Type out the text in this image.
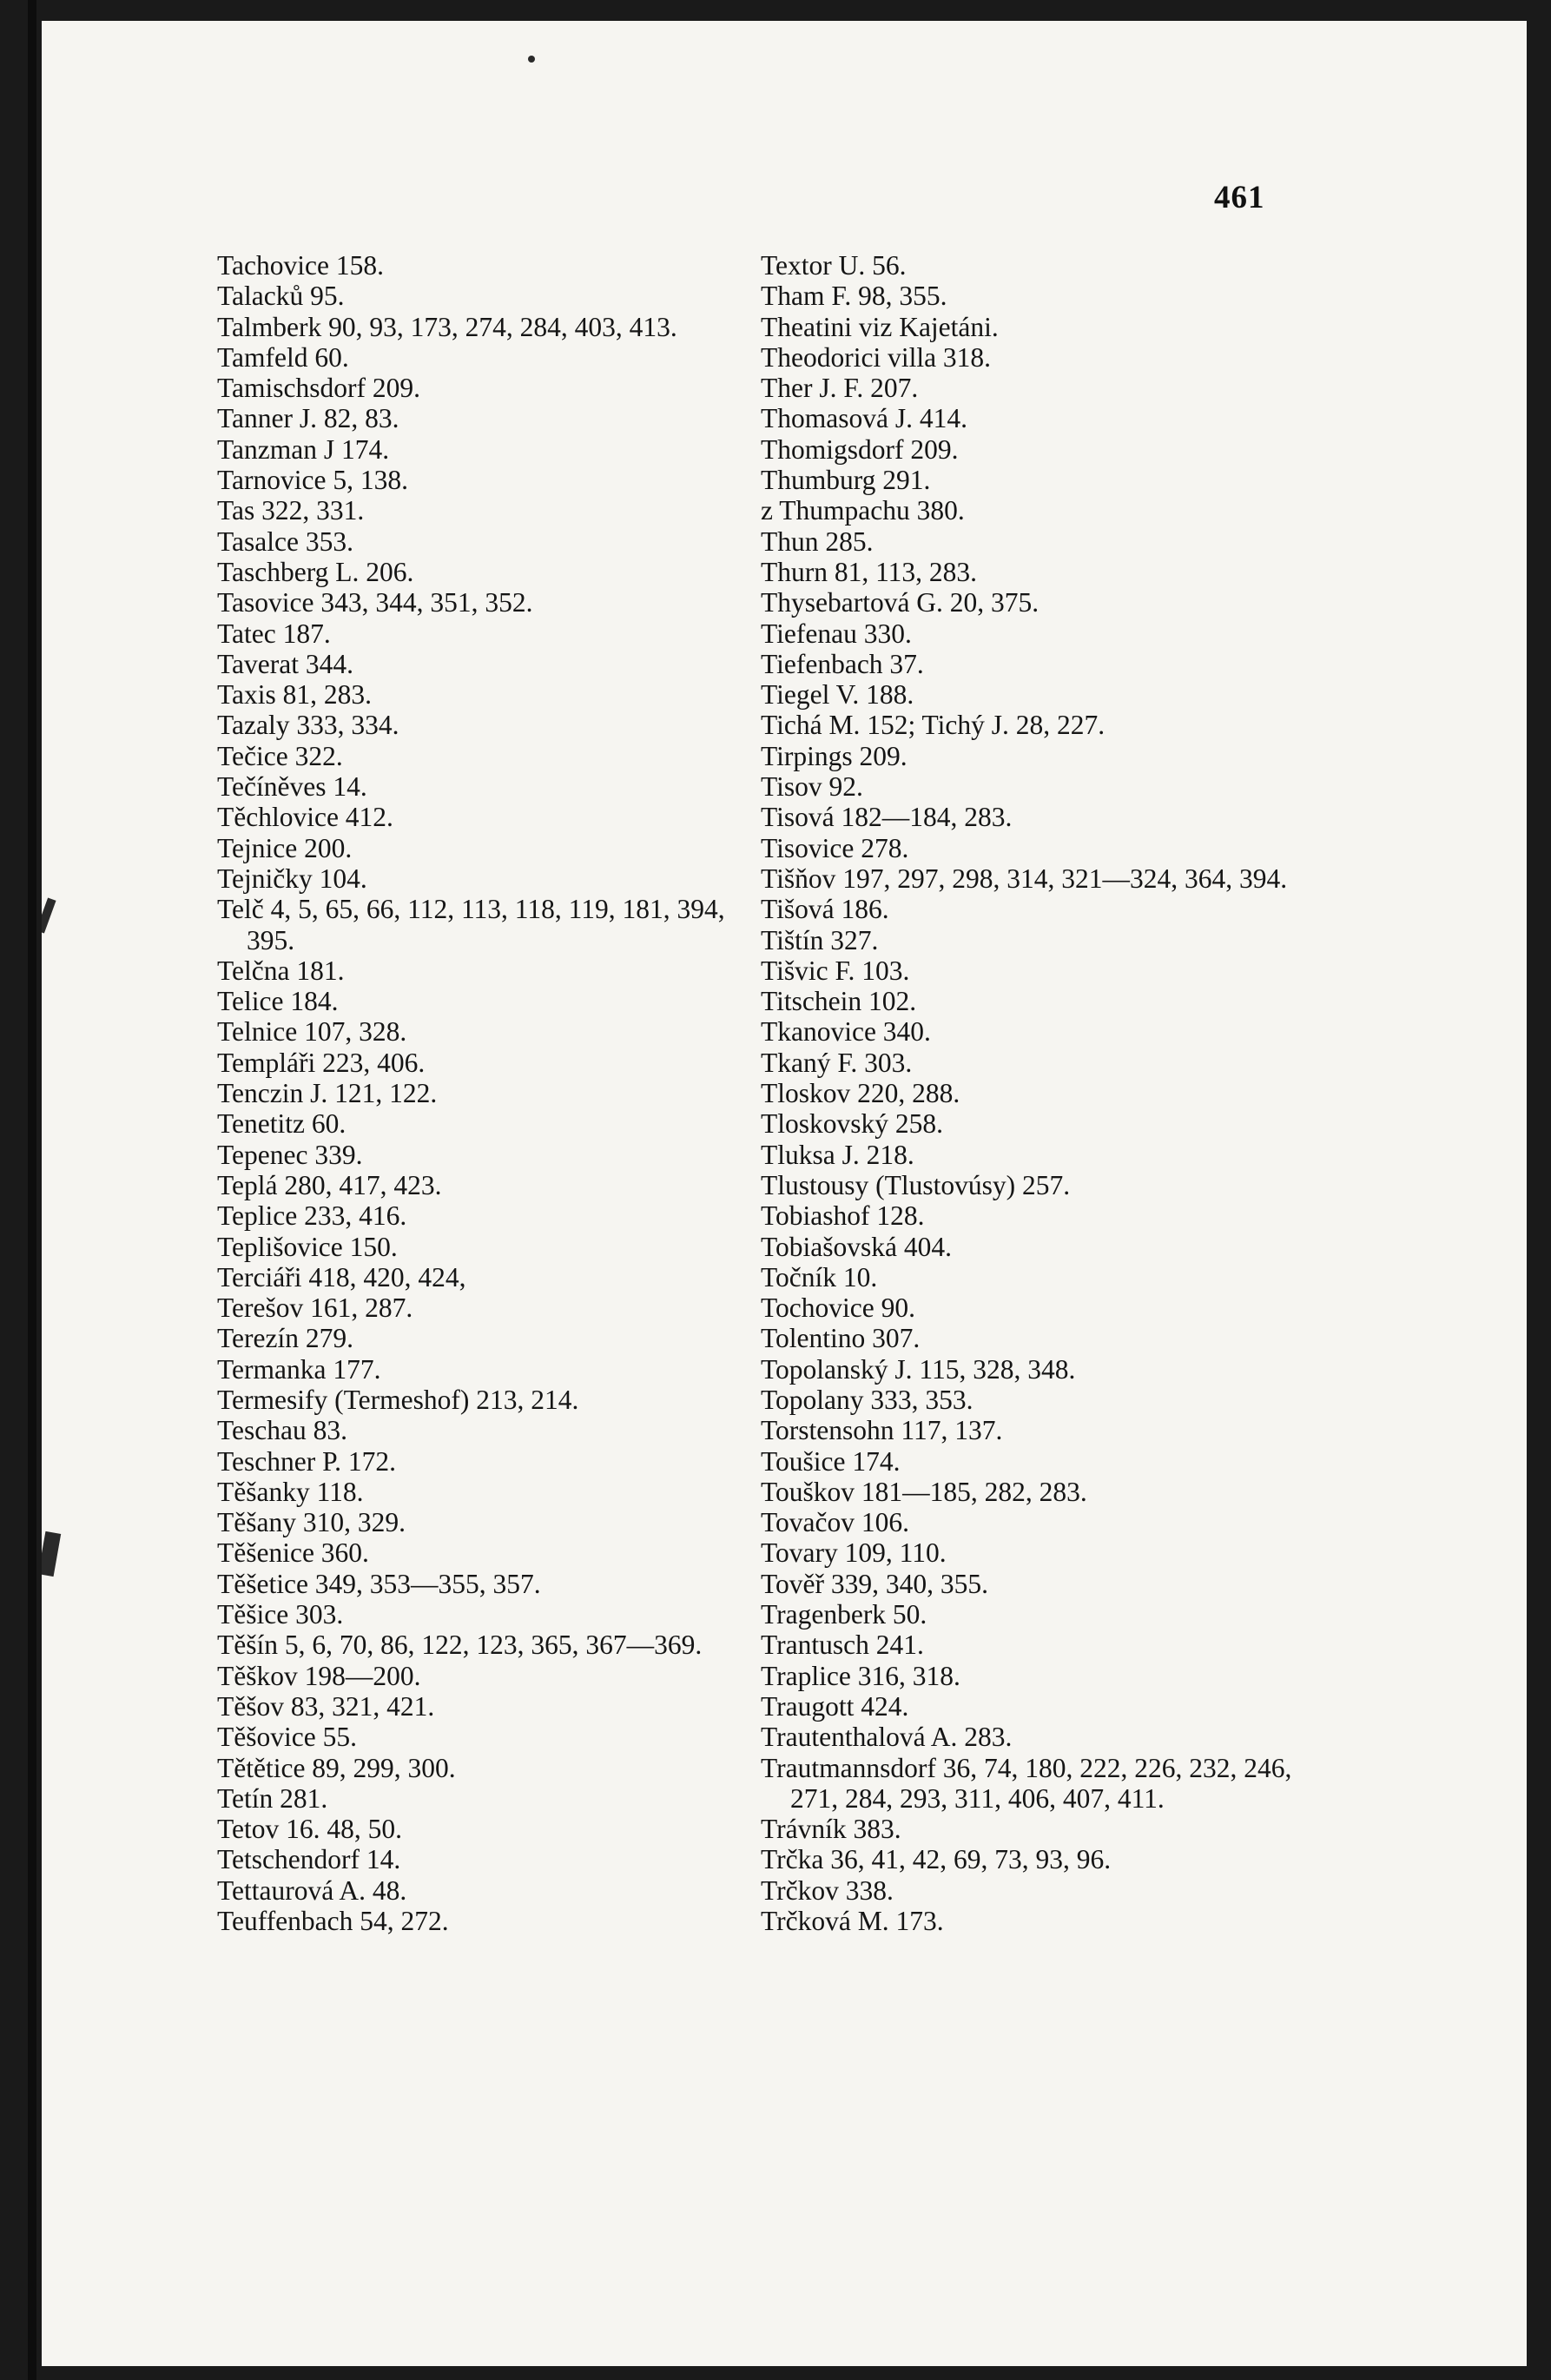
461
Tachovice 158.
Talacků 95.
Talmberk 90, 93, 173, 274, 284, 403, 413.
Tamfeld 60.
Tamischsdorf 209.
Tanner J. 82, 83.
Tanzman J 174.
Tarnovice 5, 138.
Tas 322, 331.
Tasalce 353.
Taschberg L. 206.
Tasovice 343, 344, 351, 352.
Tatec 187.
Taverat 344.
Taxis 81, 283.
Tazaly 333, 334.
Tečice 322.
Tečíněves 14.
Těchlovice 412.
Tejnice 200.
Tejničky 104.
Telč 4, 5, 65, 66, 112, 113, 118, 119, 181, 394, 395.
Telčna 181.
Telice 184.
Telnice 107, 328.
Templáři 223, 406.
Tenczin J. 121, 122.
Tenetitz 60.
Tepenec 339.
Teplá 280, 417, 423.
Teplice 233, 416.
Teplišovice 150.
Terciáři 418, 420, 424,
Terešov 161, 287.
Terezín 279.
Termanka 177.
Termesify (Termeshof) 213, 214.
Teschau 83.
Teschner P. 172.
Těšanky 118.
Těšany 310, 329.
Těšenice 360.
Těšetice 349, 353—355, 357.
Těšice 303.
Těšín 5, 6, 70, 86, 122, 123, 365, 367—369.
Těškov 198—200.
Těšov 83, 321, 421.
Těšovice 55.
Tětětice 89, 299, 300.
Tetín 281.
Tetov 16. 48, 50.
Tetschendorf 14.
Tettaurová A. 48.
Teuffenbach 54, 272.
Textor U. 56.
Tham F. 98, 355.
Theatini viz Kajetáni.
Theodorici villa 318.
Ther J. F. 207.
Thomasová J. 414.
Thomigsdorf 209.
Thumburg 291.
z Thumpachu 380.
Thun 285.
Thurn 81, 113, 283.
Thysebartová G. 20, 375.
Tiefenau 330.
Tiefenbach 37.
Tiegel V. 188.
Tichá M. 152; Tichý J. 28, 227.
Tirpings 209.
Tisov 92.
Tisová 182—184, 283.
Tisovice 278.
Tišňov 197, 297, 298, 314, 321—324, 364, 394.
Tišová 186.
Tištín 327.
Tišvic F. 103.
Titschein 102.
Tkanovice 340.
Tkaný F. 303.
Tloskov 220, 288.
Tloskovský 258.
Tluksa J. 218.
Tlustousy (Tlustovúsy) 257.
Tobiashof 128.
Tobiašovská 404.
Točník 10.
Tochovice 90.
Tolentino 307.
Topolanský J. 115, 328, 348.
Topolany 333, 353.
Torstensohn 117, 137.
Toušice 174.
Touškov 181—185, 282, 283.
Tovačov 106.
Tovary 109, 110.
Tověř 339, 340, 355.
Tragenberk 50.
Trantusch 241.
Traplice 316, 318.
Traugott 424.
Trautenthalová A. 283.
Trautmannsdorf 36, 74, 180, 222, 226, 232, 246, 271, 284, 293, 311, 406, 407, 411.
Trávník 383.
Trčka 36, 41, 42, 69, 73, 93, 96.
Trčkov 338.
Trčková M. 173.
